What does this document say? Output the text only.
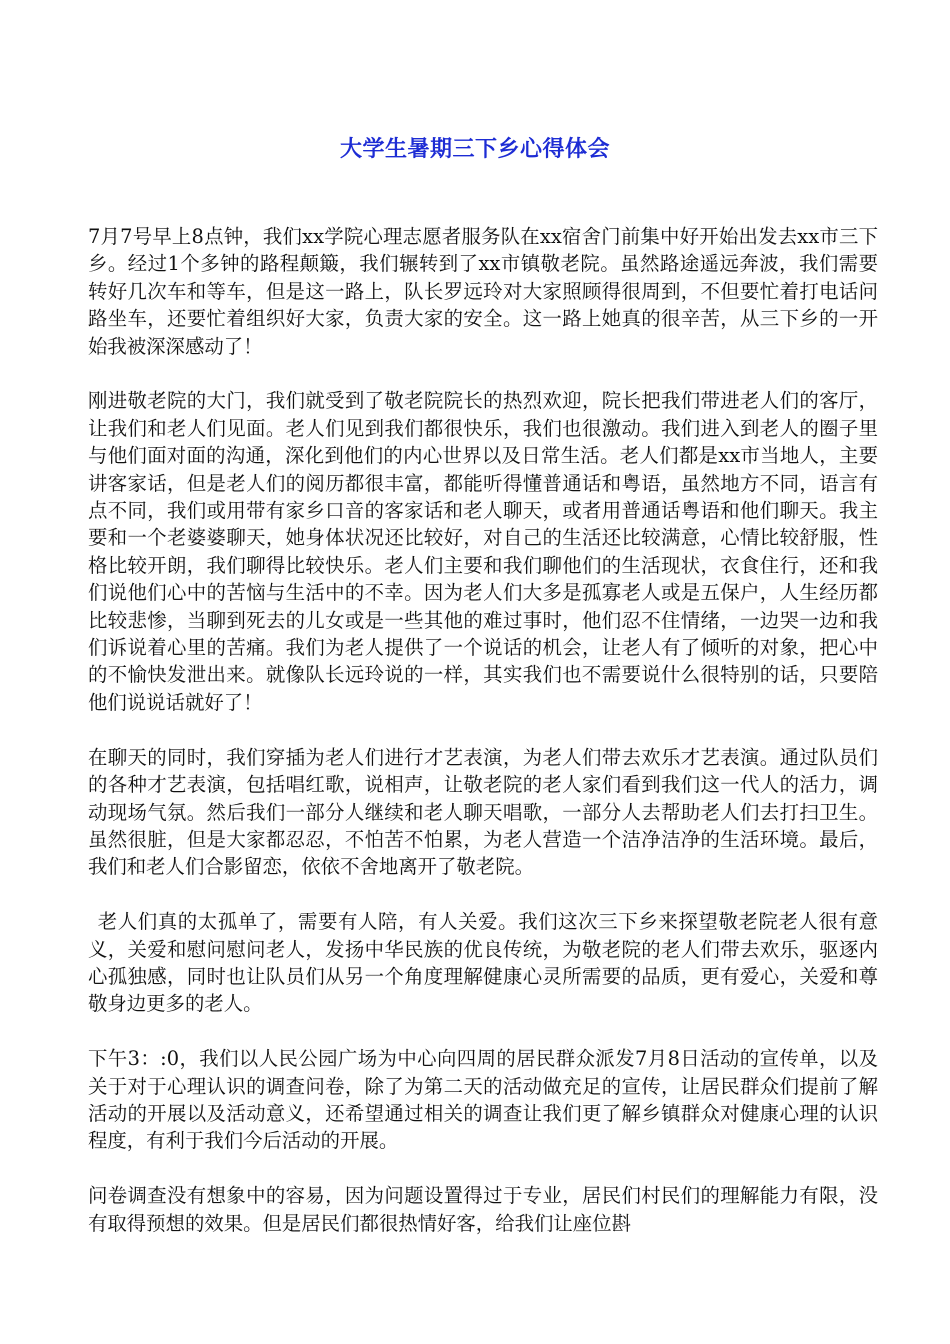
大学生暑期三下乡心得体会

7月7号早上8点钟，我们xx学院心理志愿者服务队在xx宿舍门前集中好开始出发去xx市三下乡。经过1个多钟的路程颠簸，我们辗转到了xx市镇敬老院。虽然路途遥远奔波，我们需要转好几次车和等车，但是这一路上，队长罗远玲对大家照顾得很周到，不但要忙着打电话问路坐车，还要忙着组织好大家，负责大家的安全。这一路上她真的很辛苦，从三下乡的一开始我被深深感动了！

刚进敬老院的大门，我们就受到了敬老院院长的热烈欢迎，院长把我们带进老人们的客厅，让我们和老人们见面。老人们见到我们都很快乐，我们也很激动。我们进入到老人的圈子里与他们面对面的沟通，深化到他们的内心世界以及日常生活。老人们都是xx市当地人，主要讲客家话，但是老人们的阅历都很丰富，都能听得懂普通话和粤语，虽然地方不同，语言有点不同，我们或用带有家乡口音的客家话和老人聊天，或者用普通话粤语和他们聊天。我主要和一个老婆婆聊天，她身体状况还比较好，对自己的生活还比较满意，心情比较舒服，性格比较开朗，我们聊得比较快乐。老人们主要和我们聊他们的生活现状，衣食住行，还和我们说他们心中的苦恼与生活中的不幸。因为老人们大多是孤寡老人或是五保户，人生经历都比较悲惨，当聊到死去的儿女或是一些其他的难过事时，他们忍不住情绪，一边哭一边和我们诉说着心里的苦痛。我们为老人提供了一个说话的机会，让老人有了倾听的对象，把心中的不愉快发泄出来。就像队长远玲说的一样，其实我们也不需要说什么很特别的话，只要陪他们说说话就好了！

在聊天的同时，我们穿插为老人们进行才艺表演，为老人们带去欢乐才艺表演。通过队员们的各种才艺表演，包括唱红歌，说相声，让敬老院的老人家们看到我们这一代人的活力，调动现场气氛。然后我们一部分人继续和老人聊天唱歌，一部分人去帮助老人们去打扫卫生。虽然很脏，但是大家都忍忍，不怕苦不怕累，为老人营造一个洁净洁净的生活环境。最后，我们和老人们合影留恋，依依不舍地离开了敬老院。

老人们真的太孤单了，需要有人陪，有人关爱。我们这次三下乡来探望敬老院老人很有意义，关爱和慰问慰问老人，发扬中华民族的优良传统，为敬老院的老人们带去欢乐，驱逐内心孤独感，同时也让队员们从另一个角度理解健康心灵所需要的品质，更有爱心，关爱和尊敬身边更多的老人。

下午3：:0，我们以人民公园广场为中心向四周的居民群众派发7月8日活动的宣传单，以及关于对于心理认识的调查问卷，除了为第二天的活动做充足的宣传，让居民群众们提前了解活动的开展以及活动意义，还希望通过相关的调查让我们更了解乡镇群众对健康心理的认识程度，有利于我们今后活动的开展。

问卷调查没有想象中的容易，因为问题设置得过于专业，居民们村民们的理解能力有限，没有取得预想的效果。但是居民们都很热情好客，给我们让座位斟
